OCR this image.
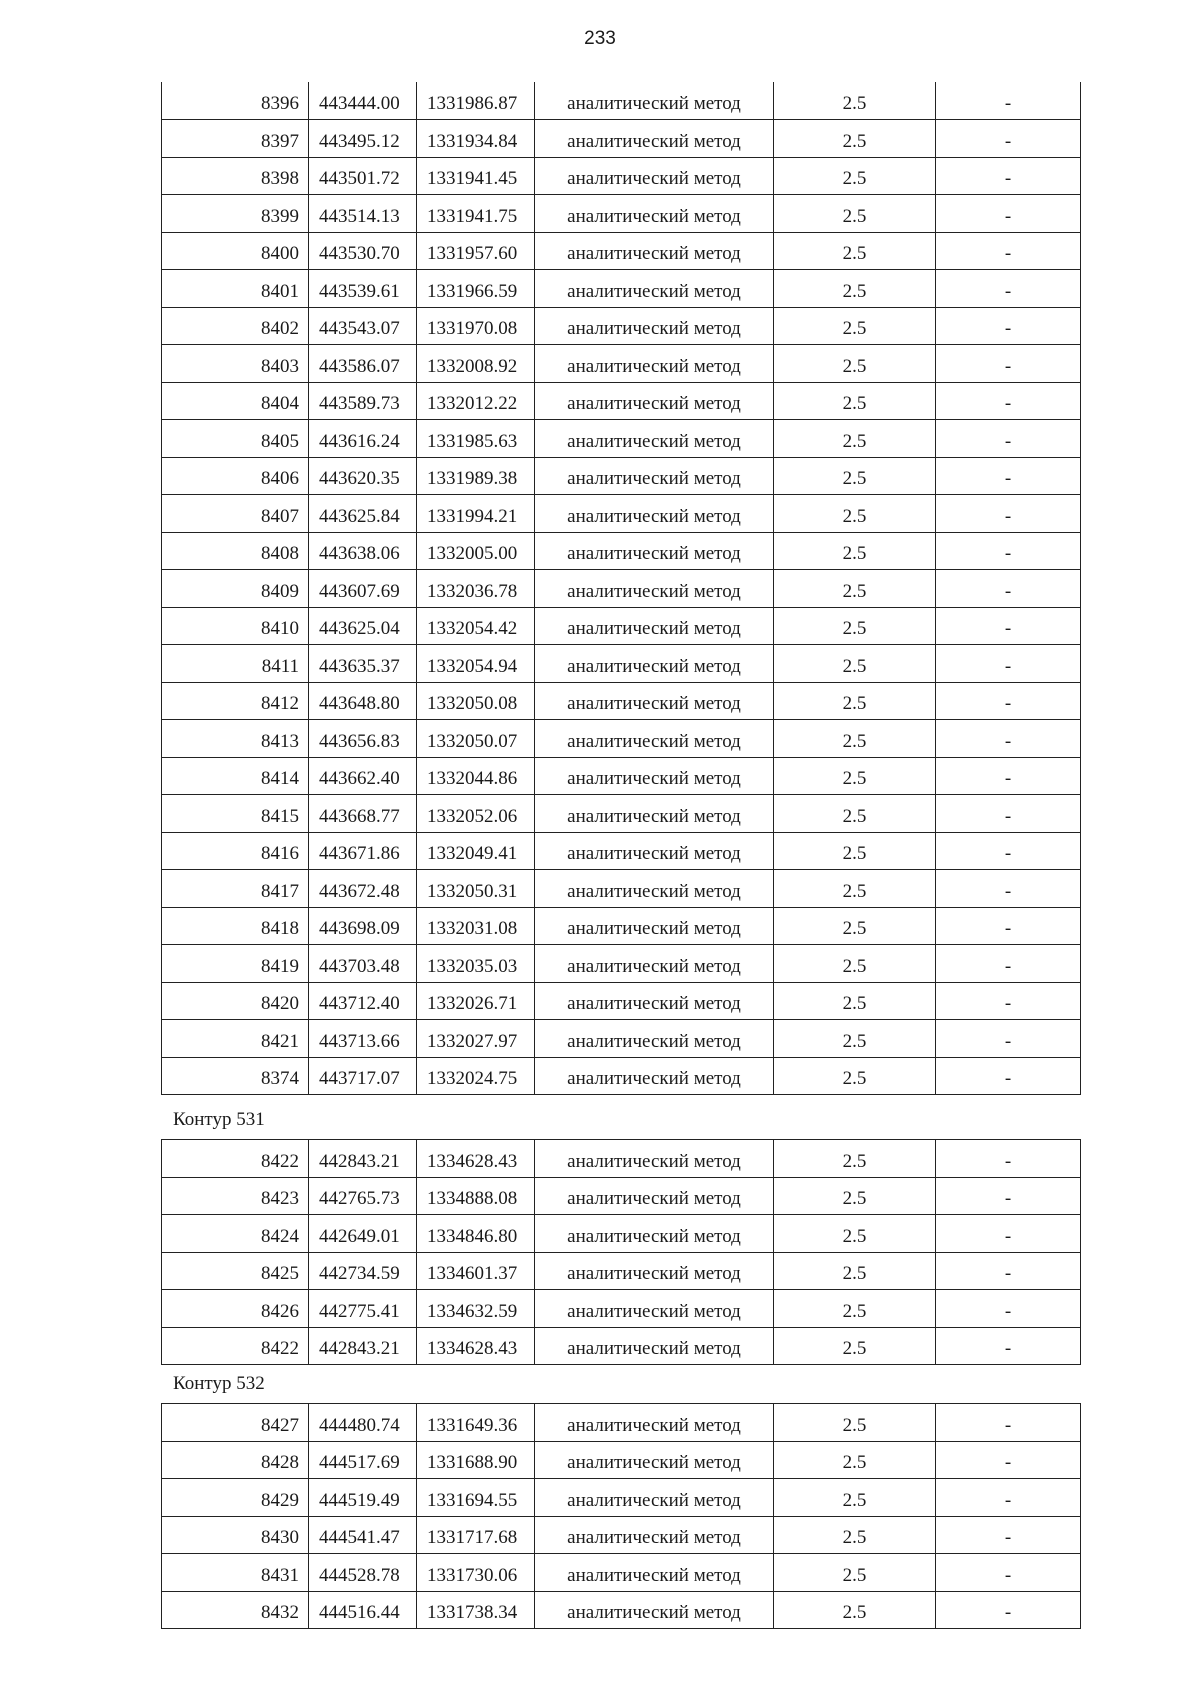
233
8396	443444.00	1331986.87	аналитический метод	2.5	-
8397	443495.12	1331934.84	аналитический метод	2.5	-
8398	443501.72	1331941.45	аналитический метод	2.5	-
8399	443514.13	1331941.75	аналитический метод	2.5	-
8400	443530.70	1331957.60	аналитический метод	2.5	-
8401	443539.61	1331966.59	аналитический метод	2.5	-
8402	443543.07	1331970.08	аналитический метод	2.5	-
8403	443586.07	1332008.92	аналитический метод	2.5	-
8404	443589.73	1332012.22	аналитический метод	2.5	-
8405	443616.24	1331985.63	аналитический метод	2.5	-
8406	443620.35	1331989.38	аналитический метод	2.5	-
8407	443625.84	1331994.21	аналитический метод	2.5	-
8408	443638.06	1332005.00	аналитический метод	2.5	-
8409	443607.69	1332036.78	аналитический метод	2.5	-
8410	443625.04	1332054.42	аналитический метод	2.5	-
8411	443635.37	1332054.94	аналитический метод	2.5	-
8412	443648.80	1332050.08	аналитический метод	2.5	-
8413	443656.83	1332050.07	аналитический метод	2.5	-
8414	443662.40	1332044.86	аналитический метод	2.5	-
8415	443668.77	1332052.06	аналитический метод	2.5	-
8416	443671.86	1332049.41	аналитический метод	2.5	-
8417	443672.48	1332050.31	аналитический метод	2.5	-
8418	443698.09	1332031.08	аналитический метод	2.5	-
8419	443703.48	1332035.03	аналитический метод	2.5	-
8420	443712.40	1332026.71	аналитический метод	2.5	-
8421	443713.66	1332027.97	аналитический метод	2.5	-
8374	443717.07	1332024.75	аналитический метод	2.5	-
Контур 531
8422	442843.21	1334628.43	аналитический метод	2.5	-
8423	442765.73	1334888.08	аналитический метод	2.5	-
8424	442649.01	1334846.80	аналитический метод	2.5	-
8425	442734.59	1334601.37	аналитический метод	2.5	-
8426	442775.41	1334632.59	аналитический метод	2.5	-
8422	442843.21	1334628.43	аналитический метод	2.5	-
Контур 532
8427	444480.74	1331649.36	аналитический метод	2.5	-
8428	444517.69	1331688.90	аналитический метод	2.5	-
8429	444519.49	1331694.55	аналитический метод	2.5	-
8430	444541.47	1331717.68	аналитический метод	2.5	-
8431	444528.78	1331730.06	аналитический метод	2.5	-
8432	444516.44	1331738.34	аналитический метод	2.5	-
